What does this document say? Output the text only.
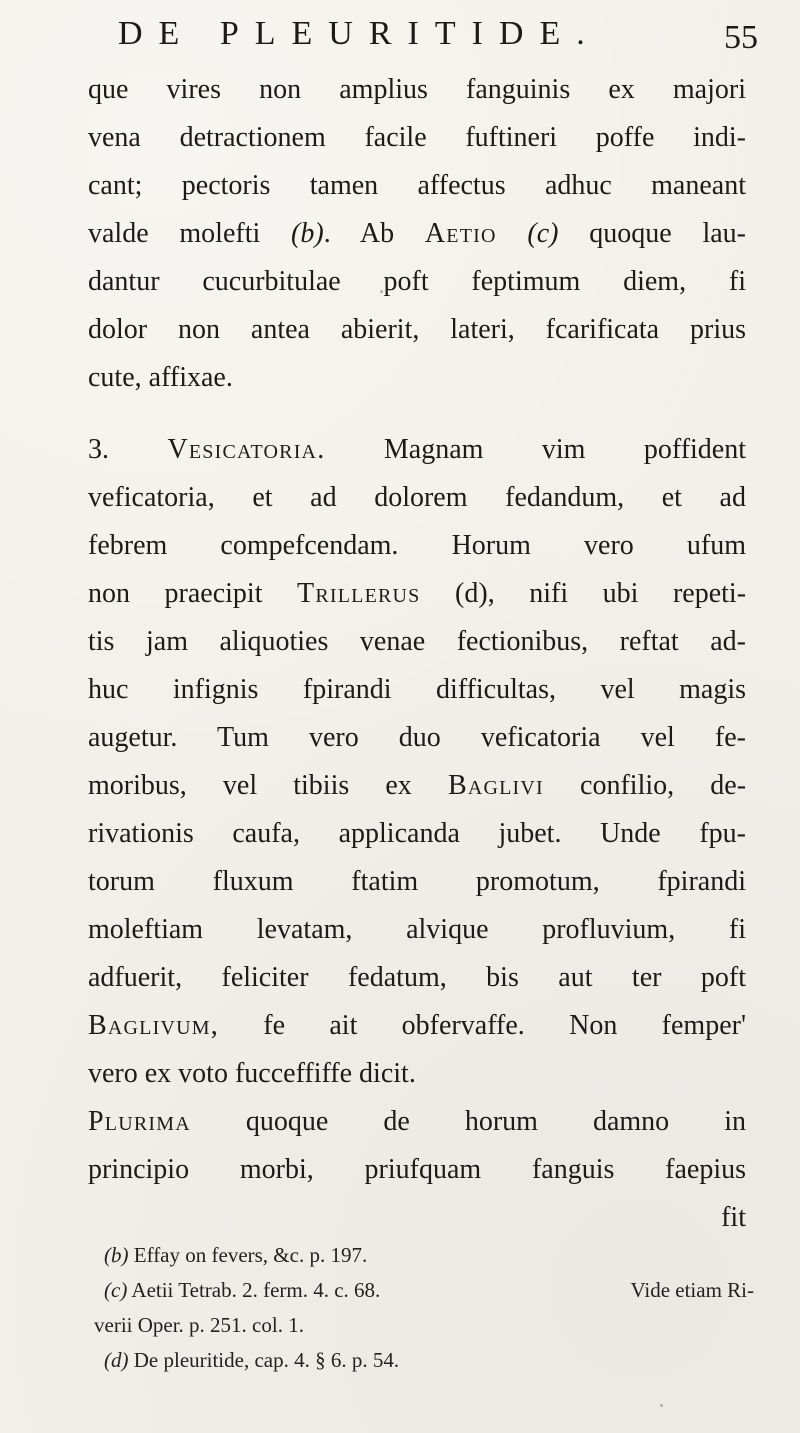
DE PLEURITIDE.	55
que vires non amplius fanguinis ex majori
vena detractionem facile fuftineri poffe indi-
cant; pectoris tamen affectus adhuc maneant
valde molefti (b). Ab Aetio (c) quoque lau-
dantur cucurbitulae poft feptimum diem, fi
dolor non antea abierit, lateri, fcarificata prius
cute, affixae.
3. Vesicatoria. Magnam vim poffident
veficatoria, et ad dolorem fedandum, et ad
febrem compefcendam. Horum vero ufum
non praecipit Trillerus (d), nifi ubi repeti-
tis jam aliquoties venae fectionibus, reftat ad-
huc infignis fpirandi difficultas, vel magis
augetur. Tum vero duo veficatoria vel fe-
moribus, vel tibiis ex Baglivi confilio, de-
rivationis caufa, applicanda jubet. Unde fpu-
torum fluxum ftatim promotum, fpirandi
moleftiam levatam, alvique profluvium, fi
adfuerit, feliciter fedatum, bis aut ter poft
Baglivum, fe ait obfervaffe. Non femper'
vero ex voto fucceffiffe dicit.
Plurima quoque de horum damno in
principio morbi, priufquam fanguis faepius
fit
(b) Effay on fevers, &c. p. 197.
(c) Aetii Tetrab. 2. ferm. 4. c. 68.	Vide etiam Ri-
verii Oper. p. 251. col. 1.
(d) De pleuritide, cap. 4. § 6. p. 54.
